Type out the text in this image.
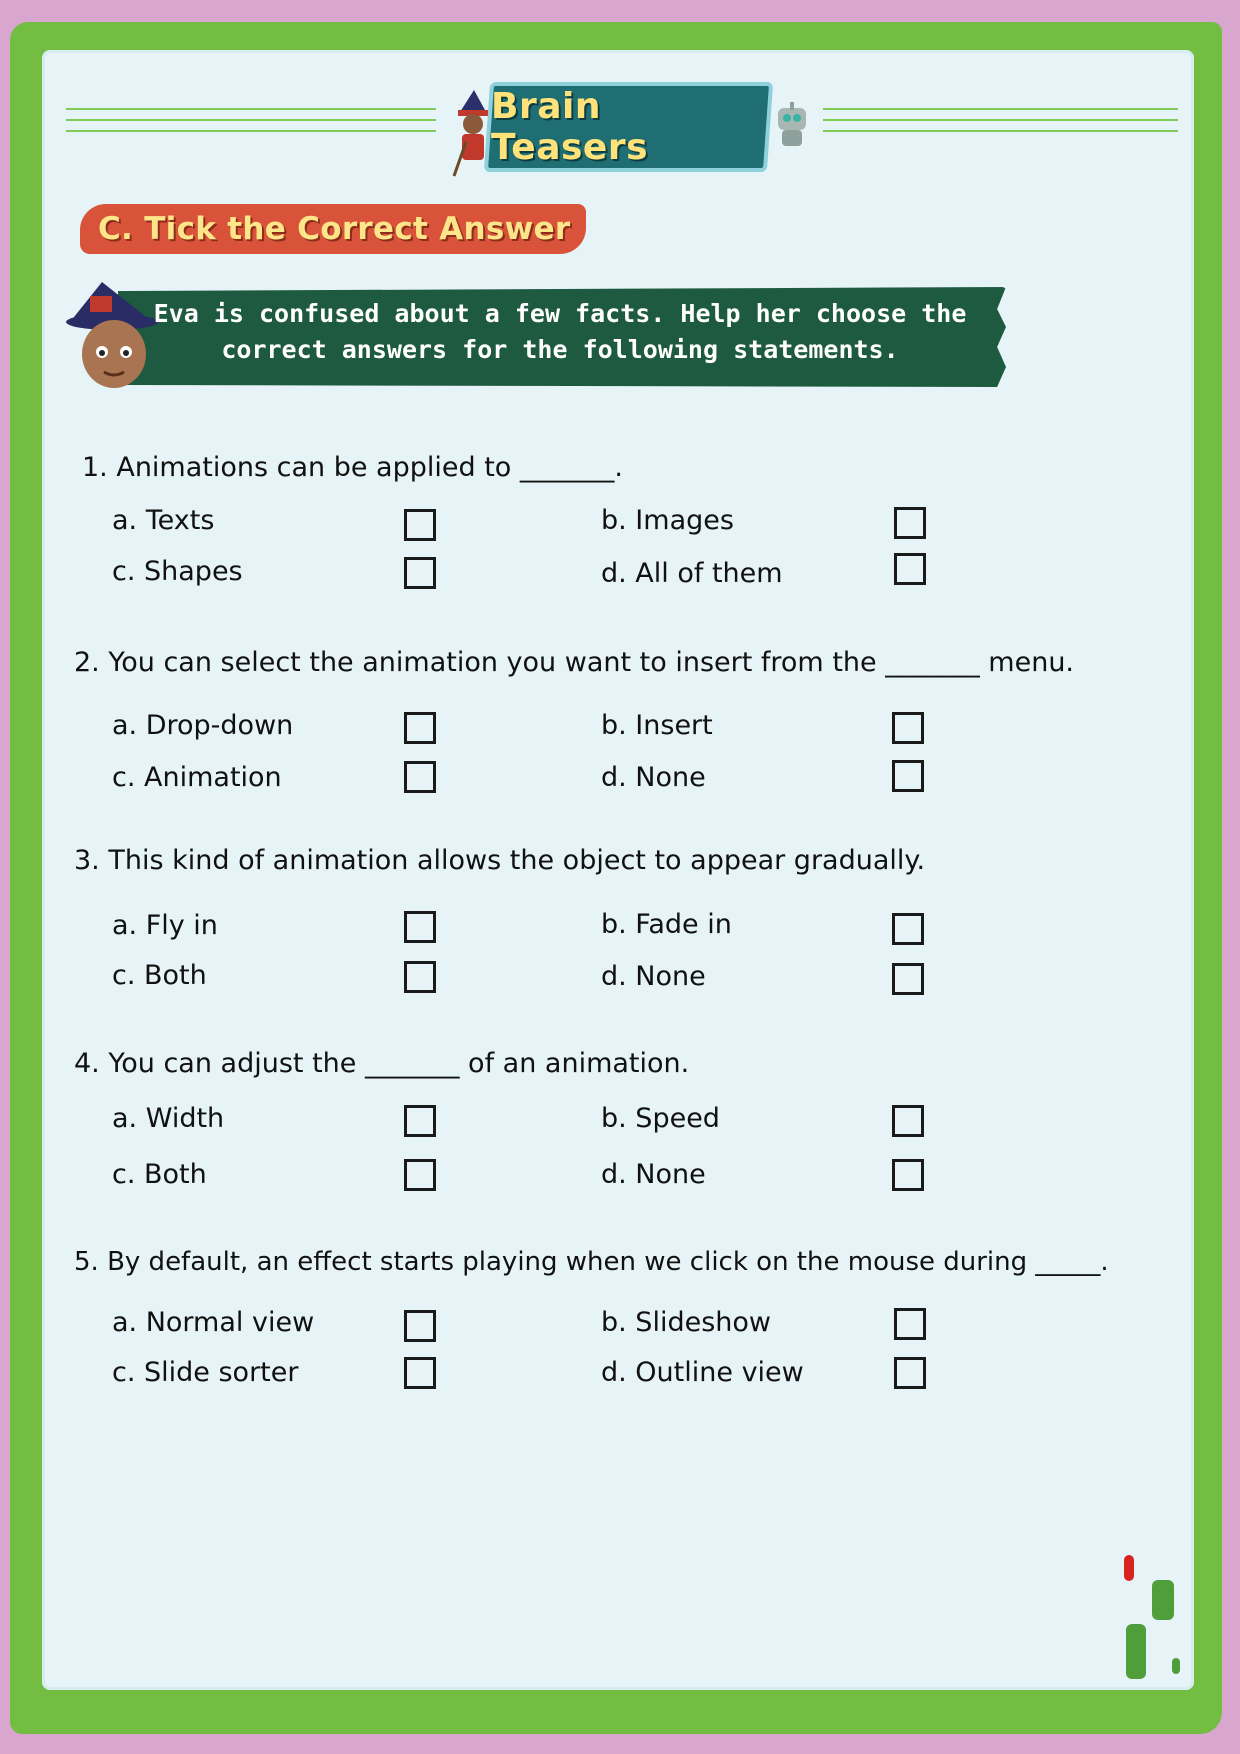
Brain Teasers
C. Tick the Correct Answer
Eva is confused about a few facts. Help her choose the
correct answers for the following statements.
1. Animations can be applied to _______.
a. Texts	b. Images
c. Shapes	d. All of them
2. You can select the animation you want to insert from the _______ menu.
a. Drop-down	b. Insert
c. Animation	d. None
3. This kind of animation allows the object to appear gradually.
a. Fly in	b. Fade in
c. Both	d. None
4. You can adjust the _______ of an animation.
a. Width	b. Speed
c. Both	d. None
5. By default, an effect starts playing when we click on the mouse during _____.
a. Normal view	b. Slideshow
c. Slide sorter	d. Outline view
